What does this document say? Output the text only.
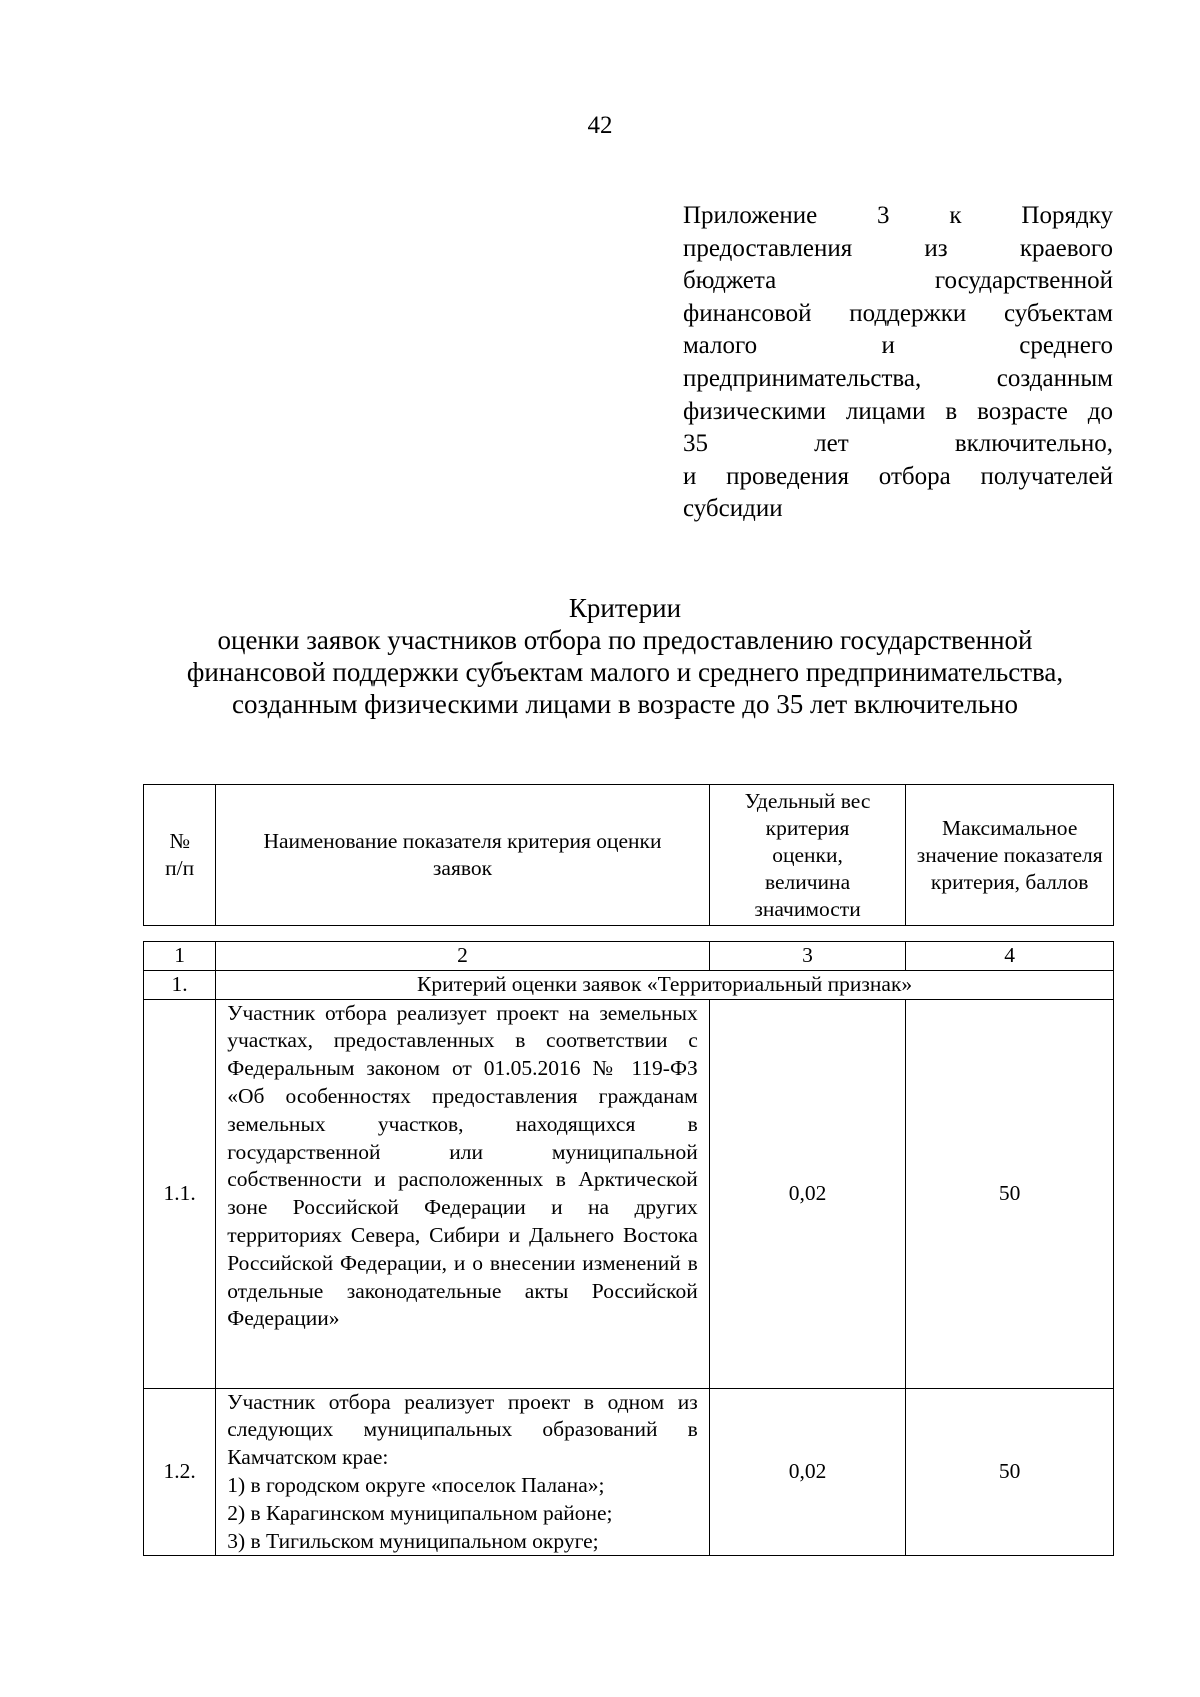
42
Приложение 3 к Порядку
предоставления из краевого
бюджета государственной
финансовой поддержки субъектам
малого и среднего
предпринимательства, созданным
физическими лицами в возрасте до
35 лет включительно,
и проведения отбора получателей
субсидии
Критерии
оценки заявок участников отбора по предоставлению государственной
финансовой поддержки субъектам малого и среднего предпринимательства,
созданным физическими лицами в возрасте до 35 лет включительно
№ п/п	Наименование показателя критерия оценки заявок	Удельный вес критерия оценки, величина значимости	Максимальное значение показателя критерия, баллов
1	2	3	4
1.	Критерий оценки заявок «Территориальный признак»		
1.1.	Участник отбора реализует проект на земельных участках, предоставленных в соответствии с Федеральным законом от 01.05.2016 № 119-ФЗ «Об особенностях предоставления гражданам земельных участков, находящихся в государственной или муниципальной собственности и расположенных в Арктической зоне Российской Федерации и на других территориях Севера, Сибири и Дальнего Востока Российской Федерации, и о внесении изменений в отдельные законодательные акты Российской Федерации»	0,02	50
1.2.	Участник отбора реализует проект в одном из следующих муниципальных образований в Камчатском крае:
1) в городском округе «поселок Палана»;
2) в Карагинском муниципальном районе;
3) в Тигильском муниципальном округе;	0,02	50
